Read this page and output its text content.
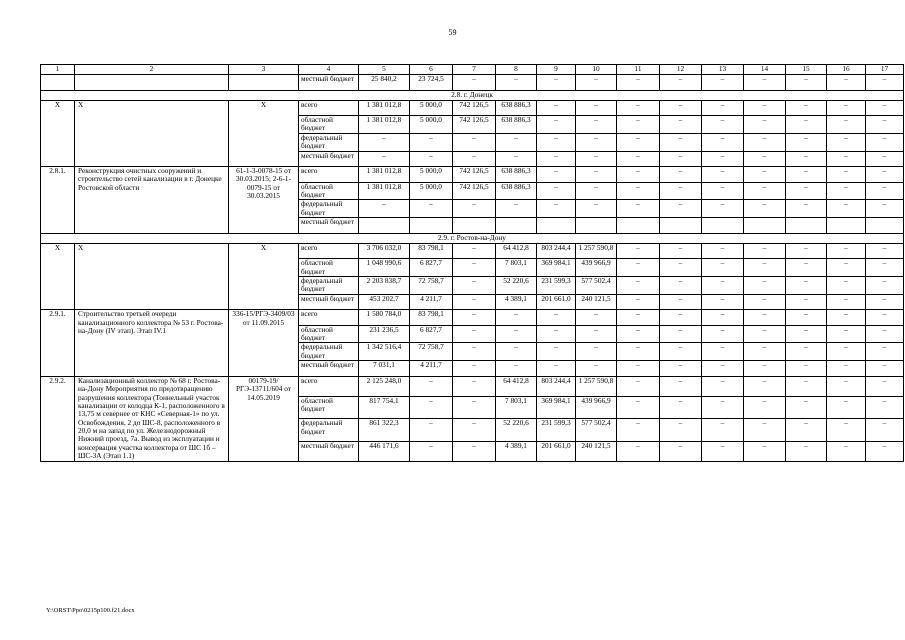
59
1	2	3	4	5	6	7	8	9	10	11	12	13	14	15	16	17
			местный бюджет	25 840,2	23 724,5	–	–	–	–	–	–	–	–	–	–	–
2.8. г. Донецк																
Х	Х	Х	всего	1 381 012,8	5 000,0	742 126,5	638 886,3	–	–	–	–	–	–	–	–	–
			областной бюджет	1 381 012,8	5 000,0	742 126,5	638 886,3	–	–	–	–	–	–	–	–	–
			федеральный бюджет	–	–	–	–	–	–	–	–	–	–	–	–	–
			местный бюджет	–	–	–	–	–	–	–	–	–	–	–	–	–
2.8.1.	Реконструкция очистных сооружений и строительство сетей канализации в г. Донецке Ростовской области	61-1-3-0078-15 от 30.03.2015; 2-6-1-0079-15 от 30.03.2015	всего	1 381 012,8	5 000,0	742 126,5	638 886,3	–	–	–	–	–	–	–	–	–
			областной бюджет	1 381 012,8	5 000,0	742 126,5	638 886,3	–	–	–	–	–	–	–	–	–
			федеральный бюджет	–	–	–	–	–	–	–	–	–	–	–	–	–
			местный бюджет													
2.9. г. Ростов-на-Дону																
Х	Х	Х	всего	3 706 032,0	83 798,1	–	64 412,8	803 244,4	1 257 590,8	–	–	–	–	–	–	–
			областной бюджет	1 048 990,6	6 827,7	–	7 803,1	369 984,1	439 966,9	–	–	–	–	–	–	–
			федеральный бюджет	2 203 838,7	72 758,7	–	52 220,6	231 599,3	577 502,4	–	–	–	–	–	–	–
			местный бюджет	453 202,7	4 211,7	–	4 389,1	201 661,0	240 121,5	–	–	–	–	–	–	–
2.9.1.	Строительство третьей очереди канализационного коллектора № 53 г. Ростова-на-Дону (IV этап). Этап IV.1	336-15/РГЭ-3409/03 от 11.09.2015	всего	1 580 784,0	83 798,1	–	–	–	–	–	–	–	–	–	–	–
			областной бюджет	231 236,5	6 827,7	–	–	–	–	–	–	–	–	–	–	–
			федеральный бюджет	1 342 516,4	72 758,7	–	–	–	–	–	–	–	–	–	–	–
			местный бюджет	7 031,1	4 211,7	–	–	–	–	–	–	–	–	–	–	–
2.9.2.	Канализационный коллектор № 68 г. Ростова-на-Дону Мероприятия по предотвращению разрушения коллектора (Тоннельный участок канализации от колодца К-1, расположенного в 13,75 м севернее от КНС «Северная-1» по ул. Освобождения, 2 до ШС-8, расположенного в 20,0 м на запад по ул. Железнодорожный Нижний проезд, 7а. Вывод из эксплуатации и консервация участка коллектора от ШС 1б – ШС-3А (Этап 1.1)	00179-19/РГЭ-13711/604 от 14.05.2019	всего	2 125 248,0	–	–	64 412,8	803 244,4	1 257 590,8	–	–	–	–	–	–	–
			областной бюджет	817 754,1	–	–	7 803,1	369 984,1	439 966,9	–	–	–	–	–	–	–
			федеральный бюджет	861 322,3	–	–	52 220,6	231 599,3	577 502,4	–	–	–	–	–	–	–
			местный бюджет	446 171,6	–	–	4 389,1	201 661,0	240 121,5	–	–	–	–	–	–	–
Y:\ORST\Ppo\0215p100.f21.docx
